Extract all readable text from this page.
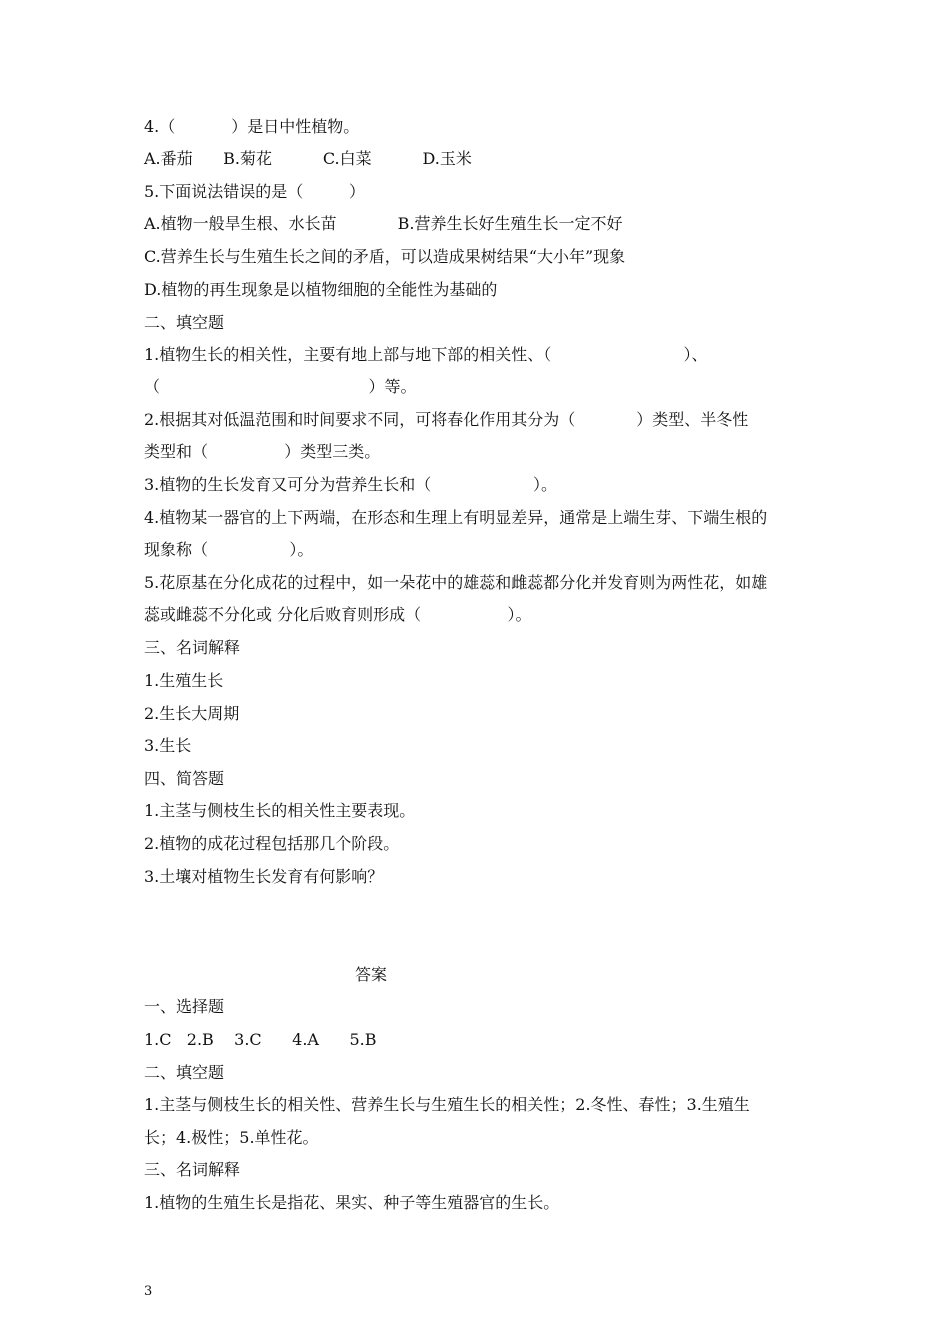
4.（           ）是日中性植物。
A.番茄      B.菊花          C.白菜          D.玉米
5.下面说法错误的是（         ）
A.植物一般旱生根、水长苗            B.营养生长好生殖生长一定不好
C.营养生长与生殖生长之间的矛盾，可以造成果树结果“大小年”现象
D.植物的再生现象是以植物细胞的全能性为基础的
二、填空题
1.植物生长的相关性，主要有地上部与地下部的相关性、（                          ）、
（                                         ）等。
2.根据其对低温范围和时间要求不同，可将春化作用其分为（            ）类型、半冬性
类型和（               ）类型三类。
3.植物的生长发育又可分为营养生长和（                    ）。
4.植物某一器官的上下两端，在形态和生理上有明显差异，通常是上端生芽、下端生根的
现象称（                ）。
5.花原基在分化成花的过程中，如一朵花中的雄蕊和雌蕊都分化并发育则为两性花，如雄
蕊或雌蕊不分化或 分化后败育则形成（                 ）。
三、名词解释
1.生殖生长
2.生长大周期
3.生长
四、简答题
1.主茎与侧枝生长的相关性主要表现。
2.植物的成花过程包括那几个阶段。
3.土壤对植物生长发育有何影响？
答案
一、选择题
1.C   2.B    3.C      4.A      5.B
二、填空题
1.主茎与侧枝生长的相关性、营养生长与生殖生长的相关性；2.冬性、春性；3.生殖生
长；4.极性；5.单性花。
三、名词解释
1.植物的生殖生长是指花、果实、种子等生殖器官的生长。
3
